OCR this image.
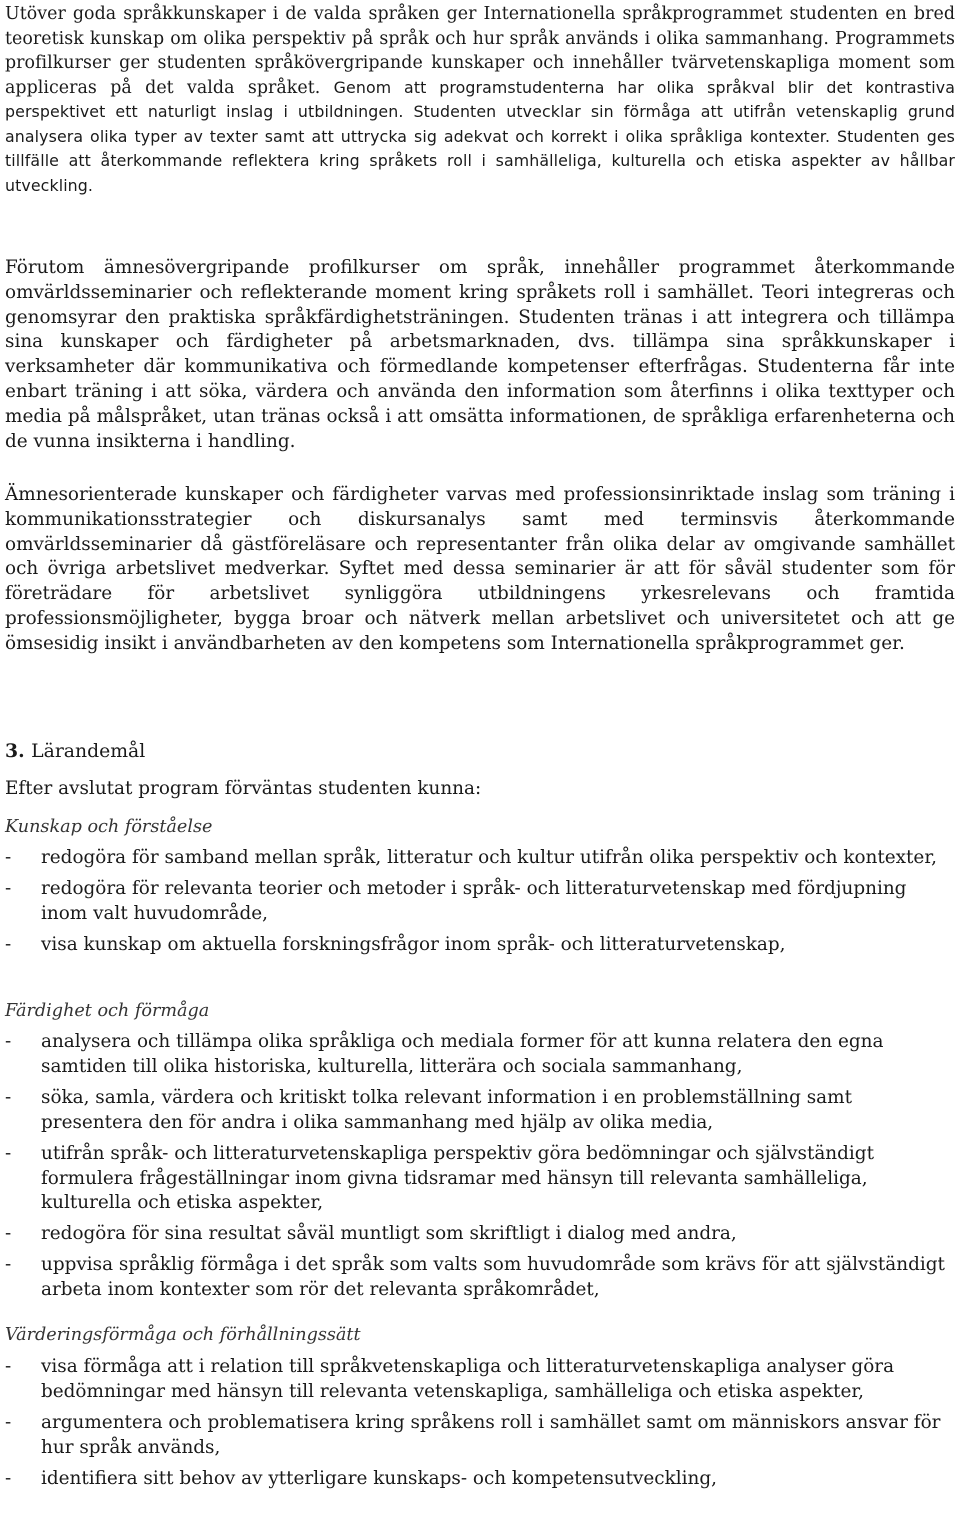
Utöver goda språkkunskaper i de valda språken ger Internationella språkprogrammet studenten en bred teoretisk kunskap om olika perspektiv på språk och hur språk används i olika sammanhang. Programmets profilkurser ger studenten språkövergripande kunskaper och innehåller tvärvetenskapliga moment som appliceras på det valda språket. Genom att programstudenterna har olika språkval blir det kontrastiva perspektivet ett naturligt inslag i utbildningen. Studenten utvecklar sin förmåga att utifrån vetenskaplig grund analysera olika typer av texter samt att uttrycka sig adekvat och korrekt i olika språkliga kontexter. Studenten ges tillfälle att återkommande reflektera kring språkets roll i samhälleliga, kulturella och etiska aspekter av hållbar utveckling.

Förutom ämnesövergripande profilkurser om språk, innehåller programmet återkommande omvärldsseminarier och reflekterande moment kring språkets roll i samhället. Teori integreras och genomsyrar den praktiska språkfärdighetsträningen. Studenten tränas i att integrera och tillämpa sina kunskaper och färdigheter på arbetsmarknaden, dvs. tillämpa sina språkkunskaper i verksamheter där kommunikativa och förmedlande kompetenser efterfrågas. Studenterna får inte enbart träning i att söka, värdera och använda den information som återfinns i olika texttyper och media på målspråket, utan tränas också i att omsätta informationen, de språkliga erfarenheterna och de vunna insikterna i handling.

Ämnesorienterade kunskaper och färdigheter varvas med professionsinriktade inslag som träning i kommunikationsstrategier och diskursanalys samt med terminsvis återkommande omvärldsseminarier då gästföreläsare och representanter från olika delar av omgivande samhället och övriga arbetslivet medverkar. Syftet med dessa seminarier är att för såväl studenter som för företrädare för arbetslivet synliggöra utbildningens yrkesrelevans och framtida professionsmöjligheter, bygga broar och nätverk mellan arbetslivet och universitetet och att ge ömsesidig insikt i användbarheten av den kompetens som Internationella språkprogrammet ger.

3. Lärandemål
Efter avslutat program förväntas studenten kunna:
Kunskap och förståelse
- redogöra för samband mellan språk, litteratur och kultur utifrån olika perspektiv och kontexter,
- redogöra för relevanta teorier och metoder i språk- och litteraturvetenskap med fördjupning inom valt huvudområde,
- visa kunskap om aktuella forskningsfrågor inom språk- och litteraturvetenskap,
Färdighet och förmåga
- analysera och tillämpa olika språkliga och mediala former för att kunna relatera den egna samtiden till olika historiska, kulturella, litterära och sociala sammanhang,
- söka, samla, värdera och kritiskt tolka relevant information i en problemställning samt presentera den för andra i olika sammanhang med hjälp av olika media,
- utifrån språk- och litteraturvetenskapliga perspektiv göra bedömningar och självständigt formulera frågeställningar inom givna tidsramar med hänsyn till relevanta samhälleliga, kulturella och etiska aspekter,
- redogöra för sina resultat såväl muntligt som skriftligt i dialog med andra,
- uppvisa språklig förmåga i det språk som valts som huvudområde som krävs för att självständigt arbeta inom kontexter som rör det relevanta språkområdet,
Värderingsförmåga och förhållningssätt
- visa förmåga att i relation till språkvetenskapliga och litteraturvetenskapliga analyser göra bedömningar med hänsyn till relevanta vetenskapliga, samhälleliga och etiska aspekter,
- argumentera och problematisera kring språkens roll i samhället samt om människors ansvar för hur språk används,
- identifiera sitt behov av ytterligare kunskaps- och kompetensutveckling,
